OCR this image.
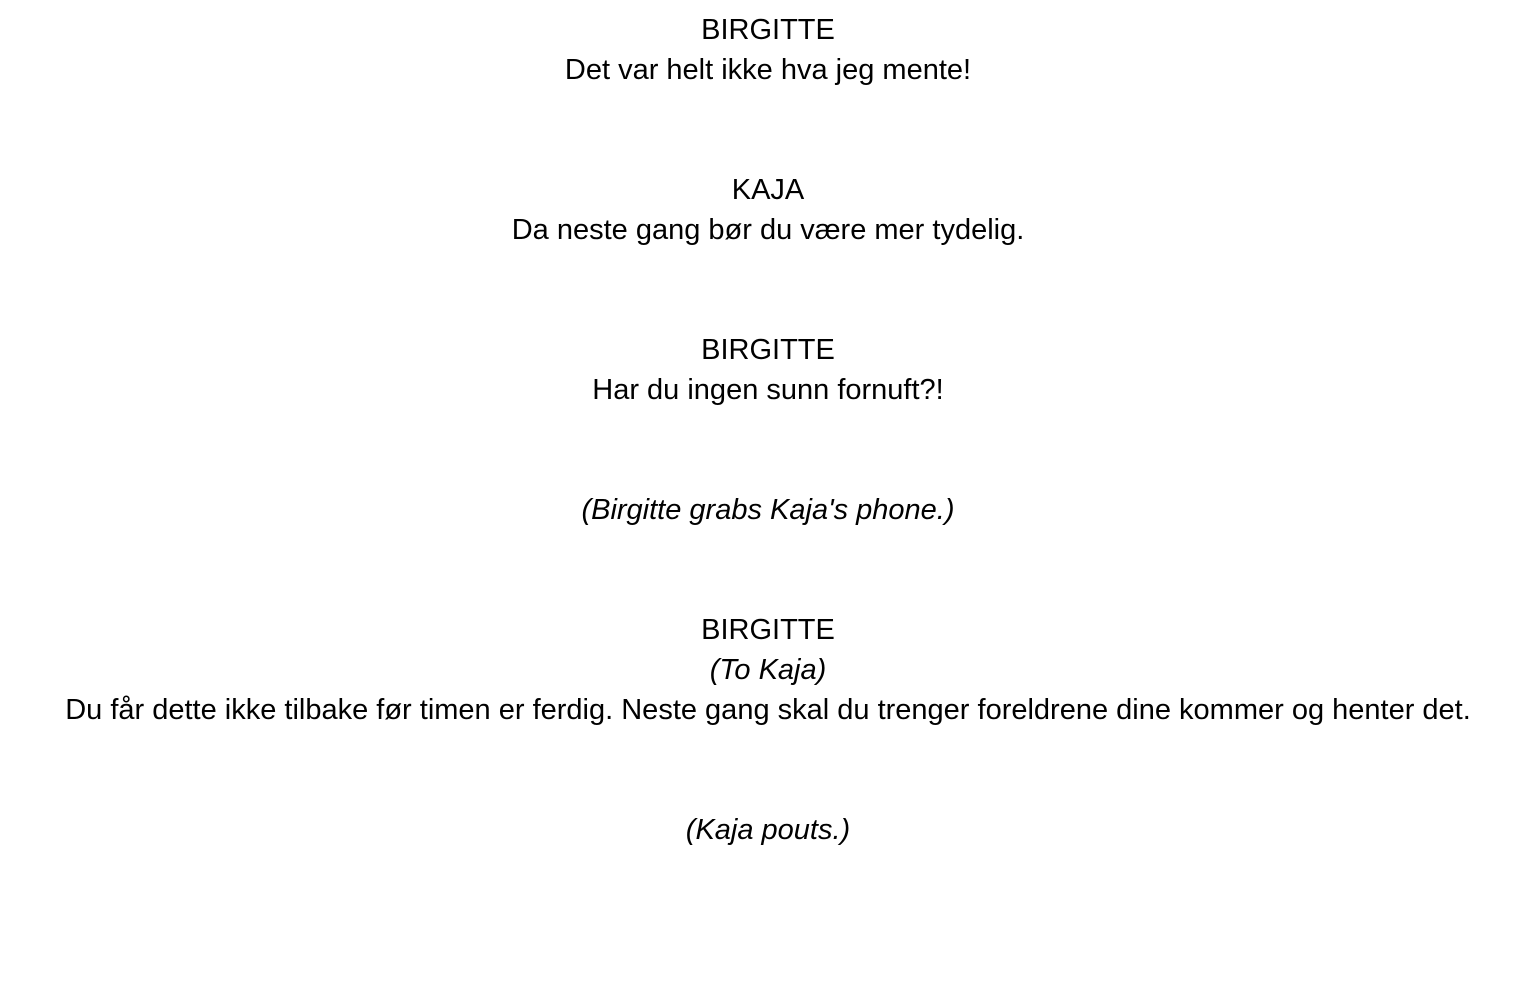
BIRGITTE
Det var helt ikke hva jeg mente!
KAJA
Da neste gang bør du være mer tydelig.
BIRGITTE
Har du ingen sunn fornuft?!
(Birgitte grabs Kaja's phone.)
BIRGITTE
(To Kaja)
Du får dette ikke tilbake før timen er ferdig. Neste gang skal du trenger foreldrene dine kommer og henter det.
(Kaja pouts.)
